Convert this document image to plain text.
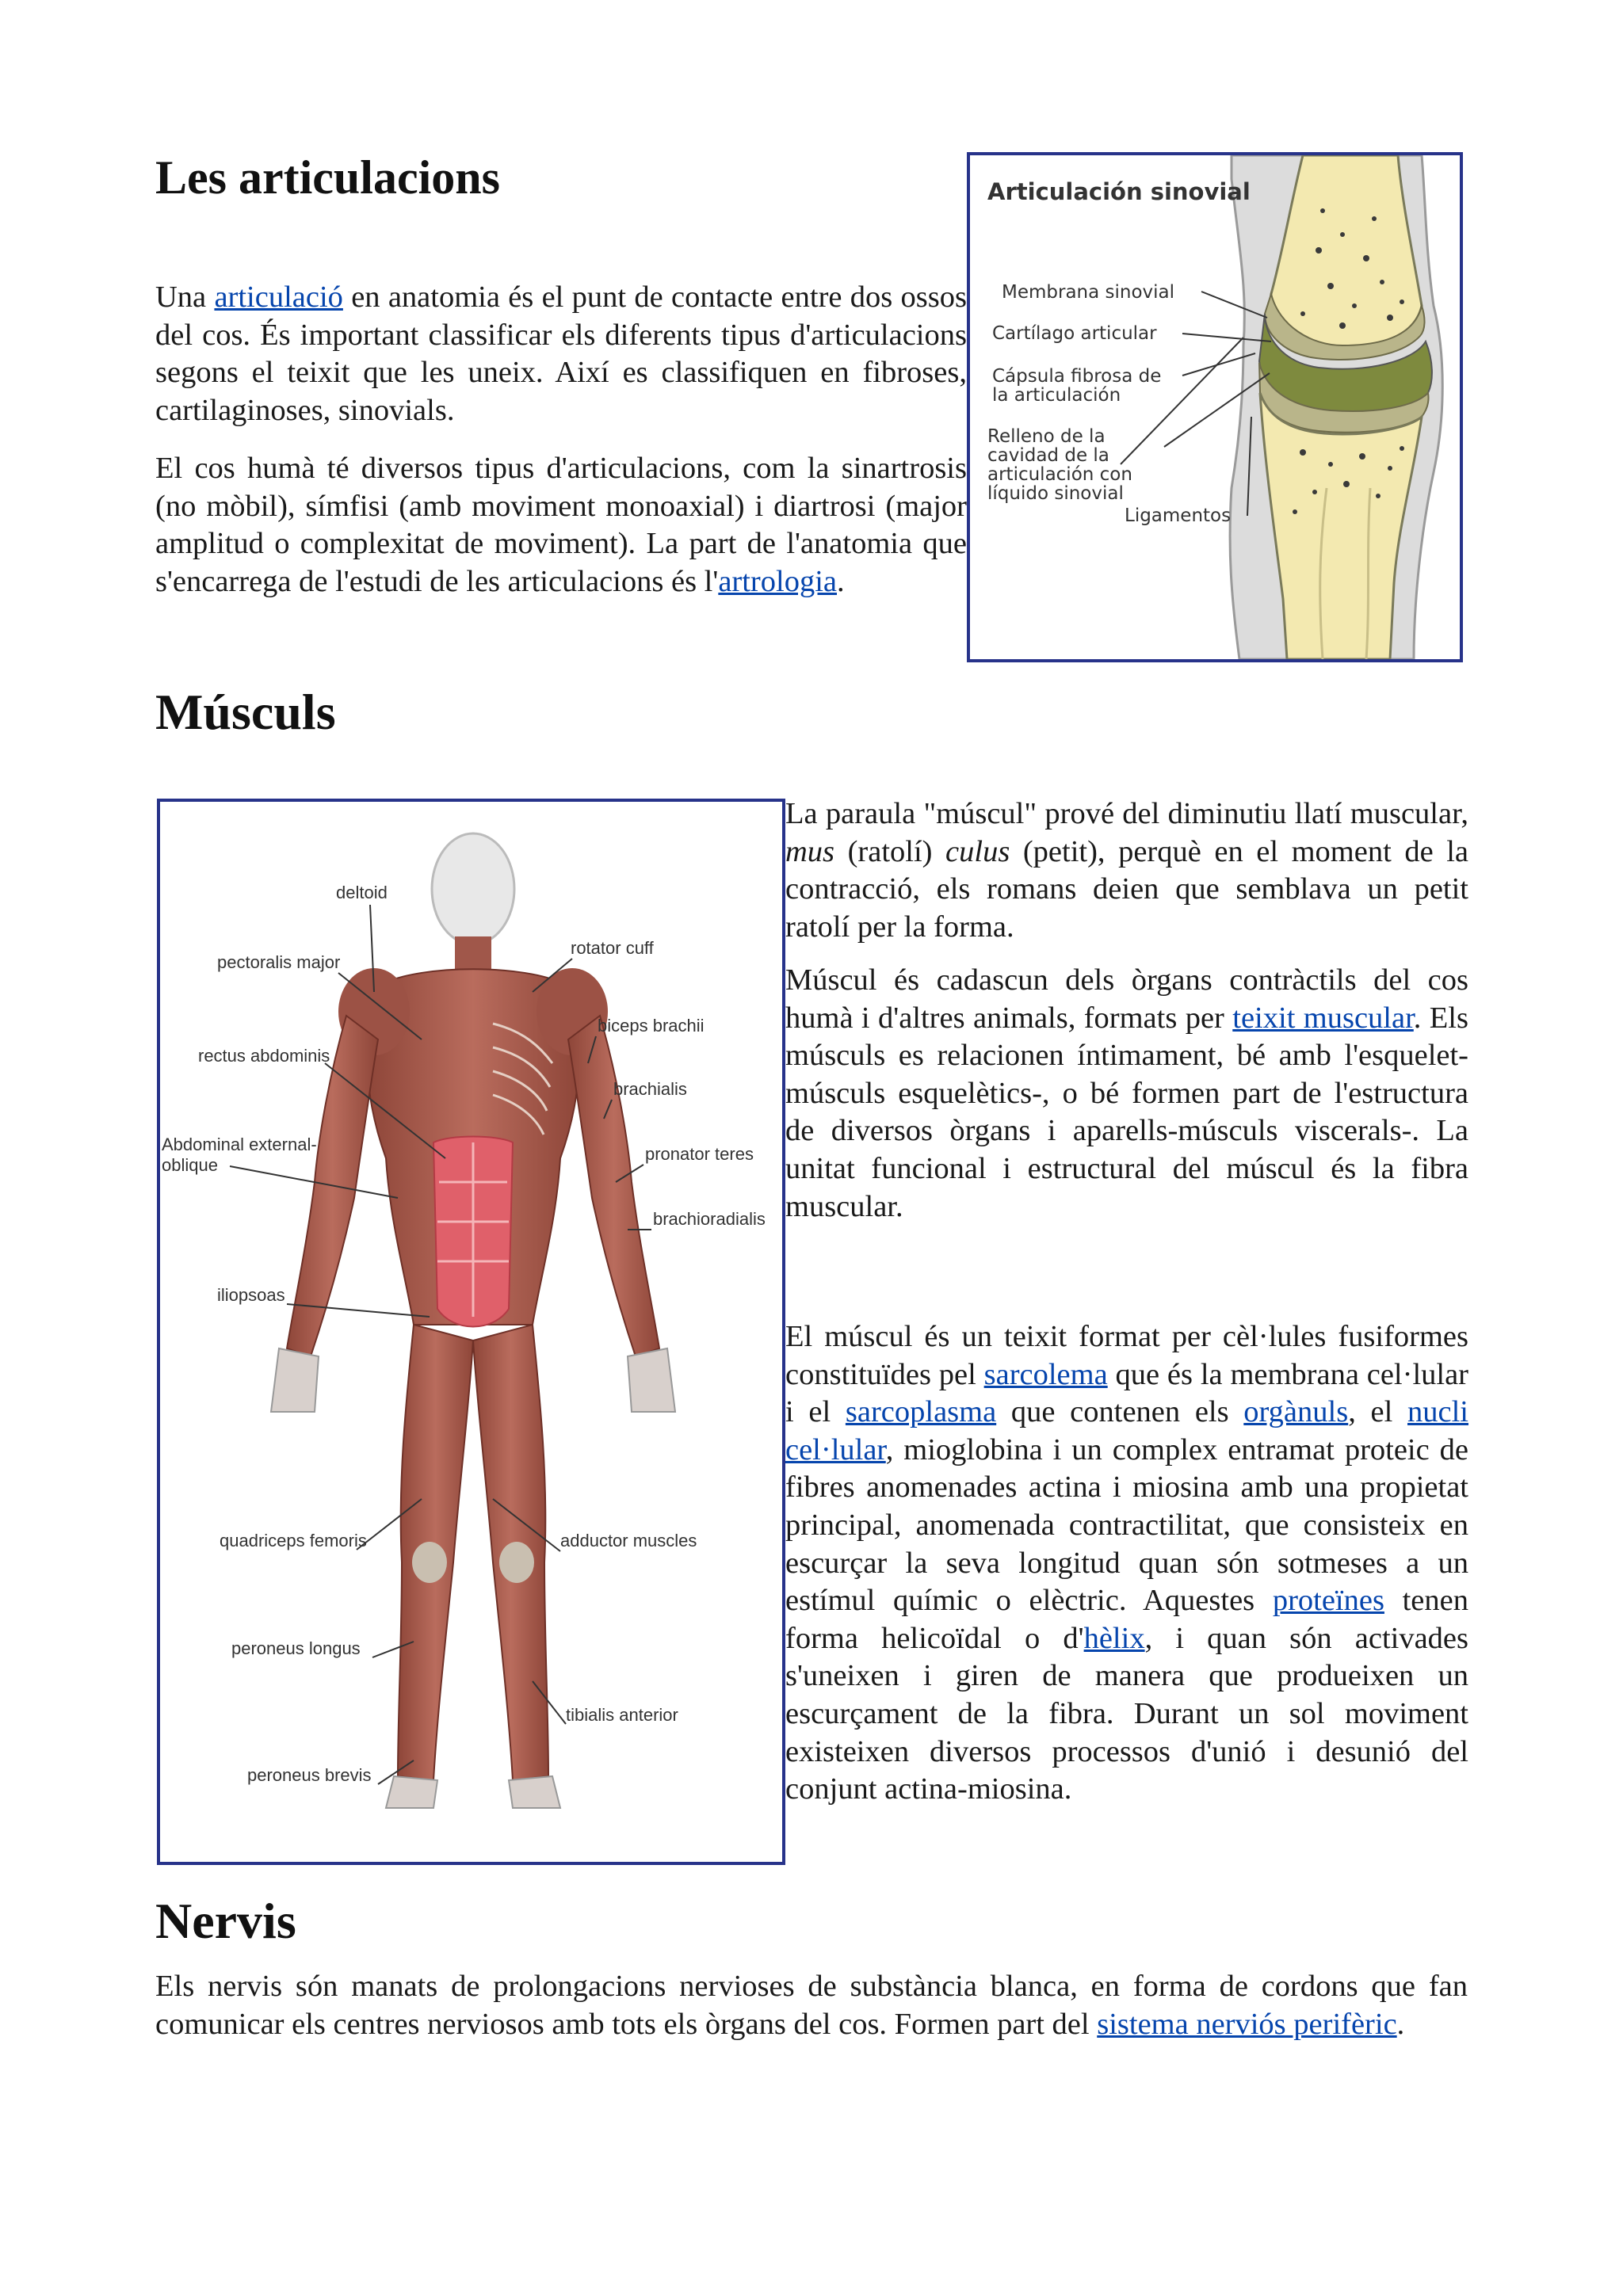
Les articulacions

Una articulació en anatomia és el punt de contacte entre dos ossos del cos. És important classificar els diferents tipus d'articulacions segons el teixit que les uneix. Així es classifiquen en fibroses, cartilaginoses, sinovials.

El cos humà té diversos tipus d'articulacions, com la sinartrosis (no mòbil), símfisi (amb moviment monoaxial) i diartrosi (major amplitud o complexitat de moviment). La part de l'anatomia que s'encarrega de l'estudi de les articulacions és l'artrologia.

Articulación sinovial
Membrana sinovial
Cartílago articular
Cápsula fibrosa de
la articulación
Relleno de la
cavidad de la
articulación con
líquido sinovial
Ligamentos
Músculs
deltoid
pectoralis major
rectus abdominis
Abdominal external-
oblique
iliopsoas
quadriceps femoris
peroneus longus
peroneus brevis
rotator cuff
biceps brachii
brachialis
pronator teres
brachioradialis
adductor muscles
tibialis anterior

La paraula "múscul" prové del diminutiu llatí muscular, mus (ratolí) culus (petit), perquè en el moment de la contracció, els romans deien que semblava un petit ratolí per la forma.

Múscul és cadascun dels òrgans contràctils del cos humà i d'altres animals, formats per teixit muscular. Els músculs es relacionen íntimament, bé amb l'esquelet-músculs esquelètics-, o bé formen part de l'estructura de diversos òrgans i aparells-músculs viscerals-. La unitat funcional i estructural del múscul és la fibra muscular.

El múscul és un teixit format per cèl·lules fusiformes constituïdes pel sarcolema que és la membrana cel·lular i el sarcoplasma que contenen els orgànuls, el nucli cel·lular, mioglobina i un complex entramat proteic de fibres anomenades actina i miosina amb una propietat principal, anomenada contractilitat, que consisteix en escurçar la seva longitud quan són sotmeses a un estímul químic o elèctric. Aquestes proteïnes tenen forma helicoïdal o d'hèlix, i quan són activades s'uneixen i giren de manera que produeixen un escurçament de la fibra. Durant un sol moviment existeixen diversos processos d'unió i desunió del conjunt actina-miosina.

Nervis

Els nervis són manats de prolongacions nervioses de substància blanca, en forma de cordons que fan comunicar els centres nerviosos amb tots els òrgans del cos. Formen part del sistema nerviós perifèric.
